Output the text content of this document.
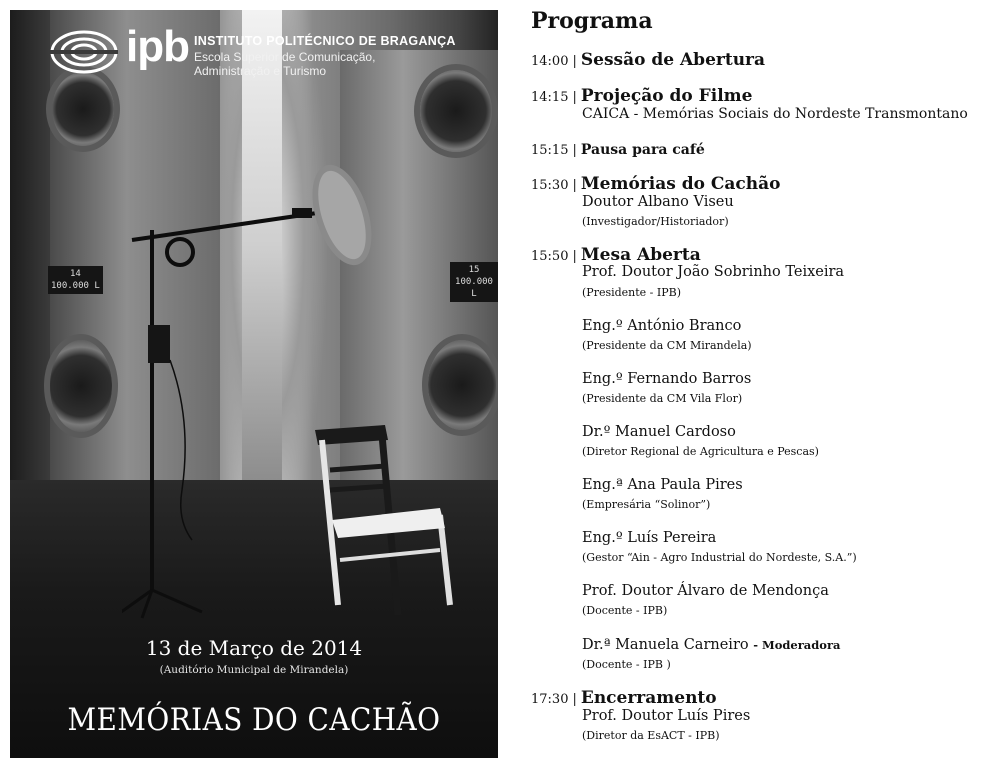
14
100.000 L
15
100.000 L
ipb INSTITUTO POLITÉCNICO DE BRAGANÇA
Escola Superior de Comunicação,
Administração e Turismo
13 de Março de 2014
(Auditório Municipal de Mirandela)
MEMÓRIAS DO CACHÃO
Programa
14:00 | Sessão de Abertura
14:15 | Projeção do Filme
CAICA - Memórias Sociais do Nordeste Transmontano
15:15 | Pausa para café
15:30 | Memórias do Cachão
Doutor Albano Viseu
(Investigador/Historiador)
15:50 | Mesa Aberta
Prof. Doutor João Sobrinho Teixeira
(Presidente - IPB)
Eng.º António Branco
(Presidente da CM Mirandela)
Eng.º Fernando Barros
(Presidente da CM Vila Flor)
Dr.º Manuel Cardoso
(Diretor Regional de Agricultura e Pescas)
Eng.ª Ana Paula Pires
(Empresária “Solinor”)
Eng.º Luís Pereira
(Gestor “Ain - Agro Industrial do Nordeste, S.A.”)
Prof. Doutor Álvaro de Mendonça
(Docente - IPB)
Dr.ª Manuela Carneiro - Moderadora
(Docente - IPB )
17:30 | Encerramento
Prof. Doutor Luís Pires
(Diretor da EsACT - IPB)
